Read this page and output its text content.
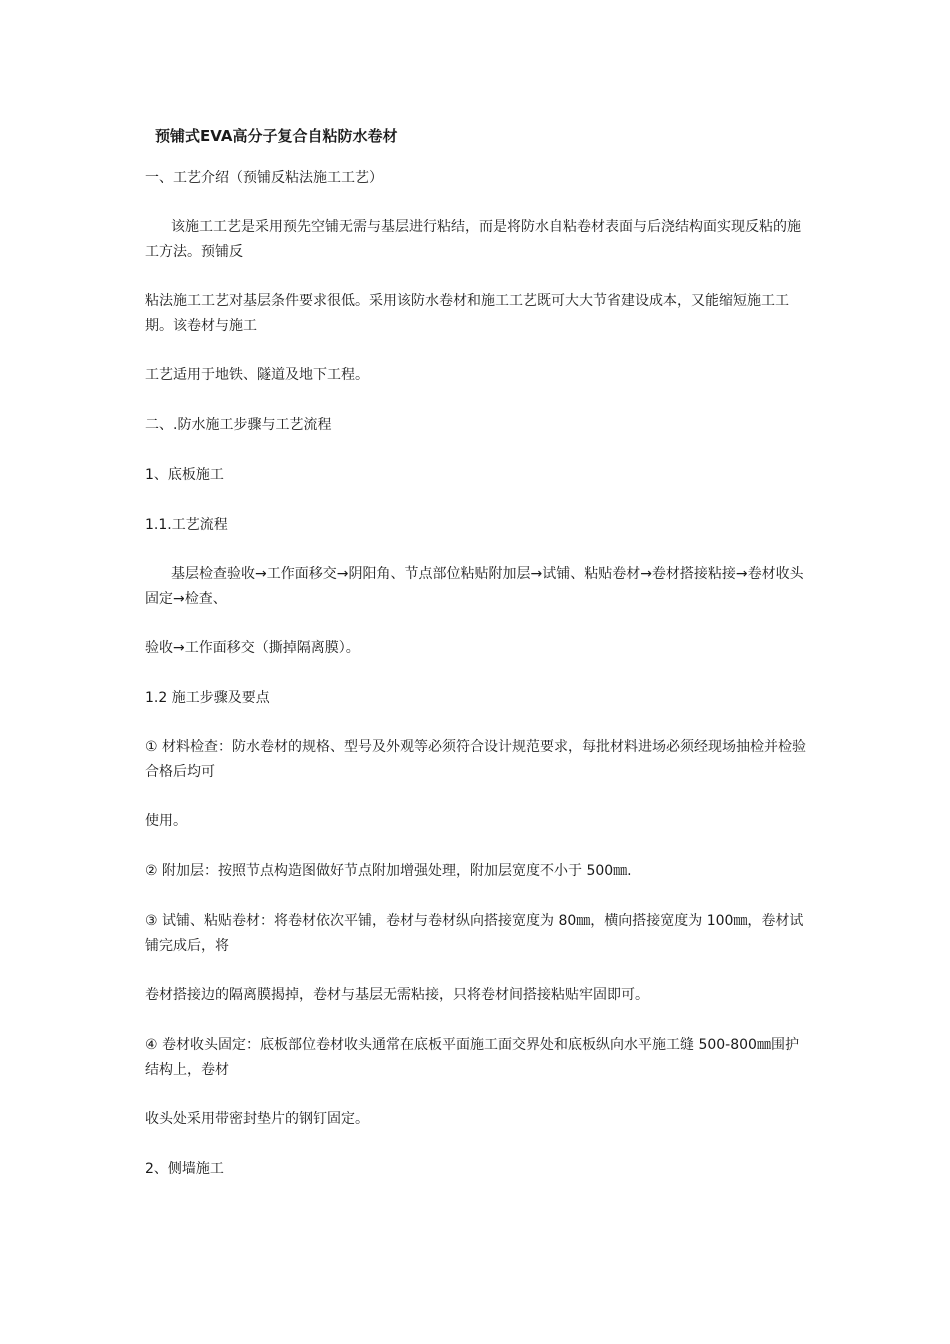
预铺式EVA高分子复合自粘防水卷材

一、工艺介绍（预铺反粘法施工工艺）

该施工工艺是采用预先空铺无需与基层进行粘结，而是将防水自粘卷材表面与后浇结构面实现反粘的施工方法。预铺反

粘法施工工艺对基层条件要求很低。采用该防水卷材和施工工艺既可大大节省建设成本，又能缩短施工工期。该卷材与施工

工艺适用于地铁、隧道及地下工程。

二、.防水施工步骤与工艺流程

1、底板施工

1.1.工艺流程

基层检查验收→工作面移交→阴阳角、节点部位粘贴附加层→试铺、粘贴卷材→卷材搭接粘接→卷材收头固定→检查、

验收→工作面移交（撕掉隔离膜）。

1.2 施工步骤及要点

① 材料检查：防水卷材的规格、型号及外观等必须符合设计规范要求，每批材料进场必须经现场抽检并检验合格后均可

使用。

② 附加层：按照节点构造图做好节点附加增强处理，附加层宽度不小于 500㎜.

③ 试铺、粘贴卷材：将卷材依次平铺，卷材与卷材纵向搭接宽度为 80㎜，横向搭接宽度为 100㎜，卷材试铺完成后，将

卷材搭接边的隔离膜揭掉，卷材与基层无需粘接，只将卷材间搭接粘贴牢固即可。

④ 卷材收头固定：底板部位卷材收头通常在底板平面施工面交界处和底板纵向水平施工缝 500-800㎜围护结构上，卷材

收头处采用带密封垫片的钢钉固定。

2、侧墙施工
